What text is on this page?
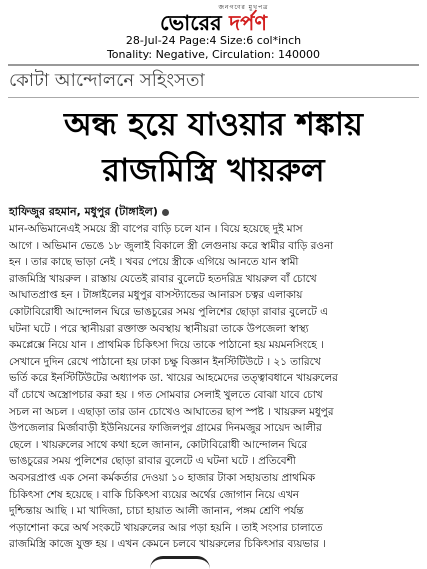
জনগণের মুখপত্র
ভোরের দর্পণ
28-Jul-24 Page:4 Size:6 col*inch
Tonality: Negative, Circulation: 140000
কোটা আন্দোলনে সহিংসতা
অন্ধ হয়ে যাওয়ার শঙ্কায়
রাজমিস্ত্রি খায়রুল
হাফিজুর রহমান, মধুপুর (টাঙ্গাইল)
মান-অভিমানেএই সময়ে স্ত্রী বাপের বাড়ি চলে যান । বিয়ে হয়েছে দুই মাস
আগে । অভিমান ভেঙে ১৮ জুলাই বিকালে স্ত্রী লেগুনায় করে স্বামীর বাড়ি রওনা
হন । তার কাছে ভাড়া নেই । খবর পেয়ে স্ত্রীকে এগিয়ে আনতে যান স্বামী
রাজমিস্ত্রি খায়রুল । রাস্তায় যেতেই রাবার বুলেটে হতদরিদ্র খায়রুল বাঁ চোখে
আঘাতপ্রাপ্ত হন । টাঙ্গাইলের মধুপুর বাসস্ট্যান্ডের আনারস চত্বর এলাকায়
কোটাবিরোধী আন্দোলন ঘিরে ভাঙচুরের সময় পুলিশের ছোড়া রাবার বুলেটে এ
ঘটনা ঘটে । পরে স্থানীয়রা রক্তাক্ত অবস্থায় স্থানীয়রা তাকে উপজেলা স্বাস্থ্য
কমপ্লেক্সে নিয়ে যান । প্রাথমিক চিকিৎসা দিয়ে তাকে পাঠানো হয় ময়মনসিংহে ।
সেখানে দুদিন রেখে পাঠানো হয় ঢাকা চক্ষু বিজ্ঞান ইনস্টিটিউটে । ২১ তারিখে
ভর্তি করে ইনস্টিটিউটের অধ্যাপক ডা. খায়ের আহমেদের তত্ত্বাবধানে খায়রুলের
বাঁ চোখে অস্ত্রোপচার করা হয় । গত সোমবার সেলাই খুলতে বোঝা যাবে চোখ
সচল না অচল । এছাড়া তার ডান চোখেও আঘাতের ছাপ স্পষ্ট । খায়রুল মধুপুর
উপজেলার মির্জাবাড়ী ইউনিয়নের ফাজিলপুর গ্রামের দিনমজুর সায়েদ আলীর
ছেলে । খায়রুলের সাথে কথা হলে জানান, কোটাবিরোধী আন্দোলন ঘিরে
ভাঙচুরের সময় পুলিশের ছোড়া রাবার বুলেটে এ ঘটনা ঘটে । প্রতিবেশী
অবসরপ্রাপ্ত এক সেনা কর্মকর্তার দেওয়া ১০ হাজার টাকা সহায়তায় প্রাথমিক
চিকিৎসা শেষ হয়েছে । বাকি চিকিৎসা ব্যয়ের অর্থের জোগান নিয়ে এখন
দুশ্চিন্তায় আছি । মা খাদিজা, চাচা হায়াত আলী জানান, পঙ্গম শ্রেণি পর্যন্ত
পড়াশোনা করে অর্থ সংকটে খায়রুলের আর পড়া হয়নি । তাই সংসার চালাতে
রাজমিস্ত্রি কাজে যুক্ত হয় । এখন কেমনে চলবে খায়রুলের চিকিৎসার ব্যয়ভার ।
